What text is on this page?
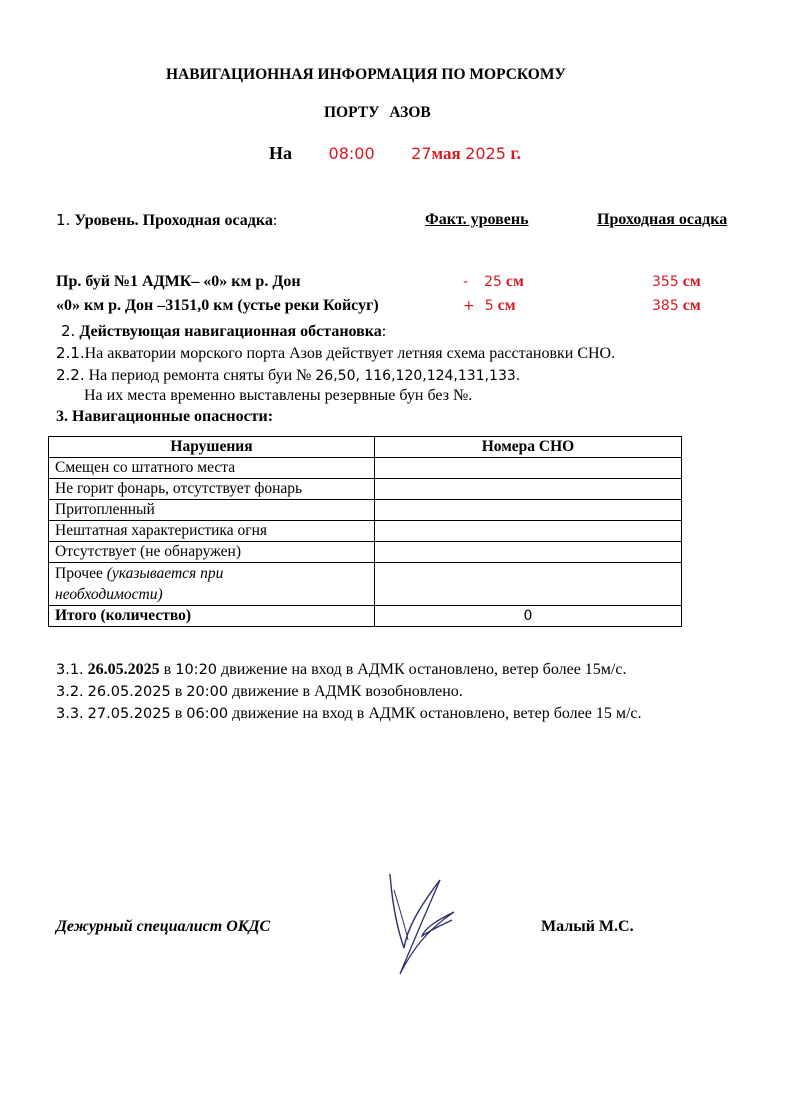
НАВИГАЦИОННАЯ ИНФОРМАЦИЯ ПО МОРСКОМУ
ПОРТУ АЗОВ
На 08:00 27мая 2025 г.
1. Уровень. Проходная осадка:	Факт. уровень	Проходная осадка
Пр. буй №1 АДМК– «0» км р. Дон	- 25 см	355 см
«0» км р. Дон –3151,0 км (устье реки Койсуг)	+ 5 см	385 см
2. Действующая навигационная обстановка:
2.1.На акватории морского порта Азов действует летняя схема расстановки СНО.
2.2. На период ремонта сняты буи № 26,50, 116,120,124,131,133.
На их места временно выставлены резервные бун без №.
3. Навигационные опасности:
Нарушения	Номера СНО
Смещен со штатного места	
Не горит фонарь, отсутствует фонарь	
Притопленный	
Нештатная характеристика огня	
Отсутствует (не обнаружен)	
Прочее (указывается при
необходимости)	
Итого (количество)	0
3.1. 26.05.2025 в 10:20 движение на вход в АДМК остановлено, ветер более 15м/с.
3.2. 26.05.2025 в 20:00 движение в АДМК возобновлено.
3.3. 27.05.2025 в 06:00 движение на вход в АДМК остановлено, ветер более 15 м/с.
Дежурный специалист ОКДС	Малый М.С.
